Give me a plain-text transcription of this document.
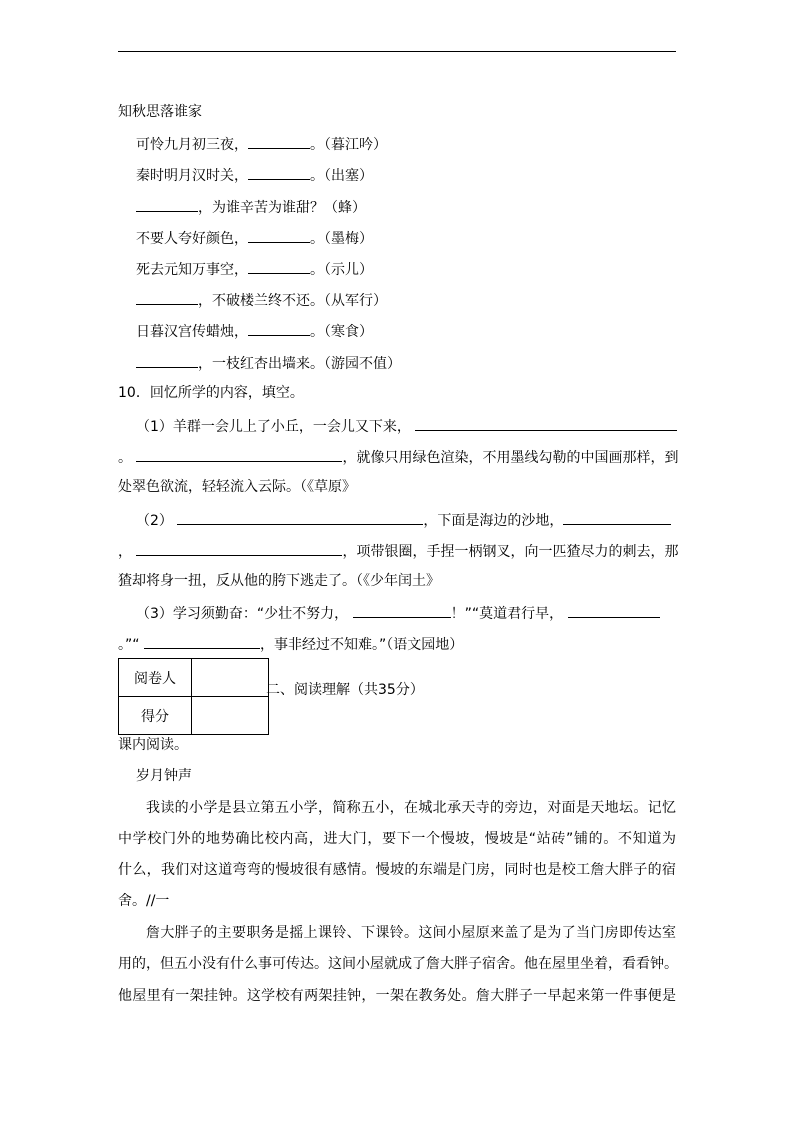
知秋思落谁家
可怜九月初三夜，	。（暮江吟）
秦时明月汉时关，	。（出塞）
，为谁辛苦为谁甜？（蜂）
不要人夸好颜色，	。（墨梅）
死去元知万事空，	。（示儿）
，不破楼兰终不还。（从军行）
日暮汉宫传蜡烛，	。（寒食）
，一枝红杏出墙来。（游园不值）
10．回忆所学的内容，填空。
（1）羊群一会儿上了小丘，一会儿又下来，
。	，就像只用绿色渲染，不用墨线勾勒的中国画那样，到
处翠色欲流，轻轻流入云际。（《草原》
（2）	，下面是海边的沙地，
，	，项带银圈，手捏一柄钢叉，向一匹猹尽力的刺去，那
猹却将身一扭，反从他的胯下逃走了。（《少年闰土》
（3）学习须勤奋：“少壮不努力，	！”“莫道君行早，
。”“	，事非经过不知难。”（语文园地）
阅卷人	
得分	
二、阅读理解（共35分）
课内阅读。
岁月钟声
我读的小学是县立第五小学，简称五小，在城北承天寺的旁边，对面是天地坛。记忆
中学校门外的地势确比校内高，进大门，要下一个慢坡，慢坡是“站砖”铺的。不知道为
什么，我们对这道弯弯的慢坡很有感情。慢坡的东端是门房，同时也是校工詹大胖子的宿
舍。//一
詹大胖子的主要职务是摇上课铃、下课铃。这间小屋原来盖了是为了当门房即传达室
用的，但五小没有什么事可传达。这间小屋就成了詹大胖子宿舍。他在屋里坐着，看看钟。
他屋里有一架挂钟。这学校有两架挂钟，一架在教务处。詹大胖子一早起来第一件事便是
